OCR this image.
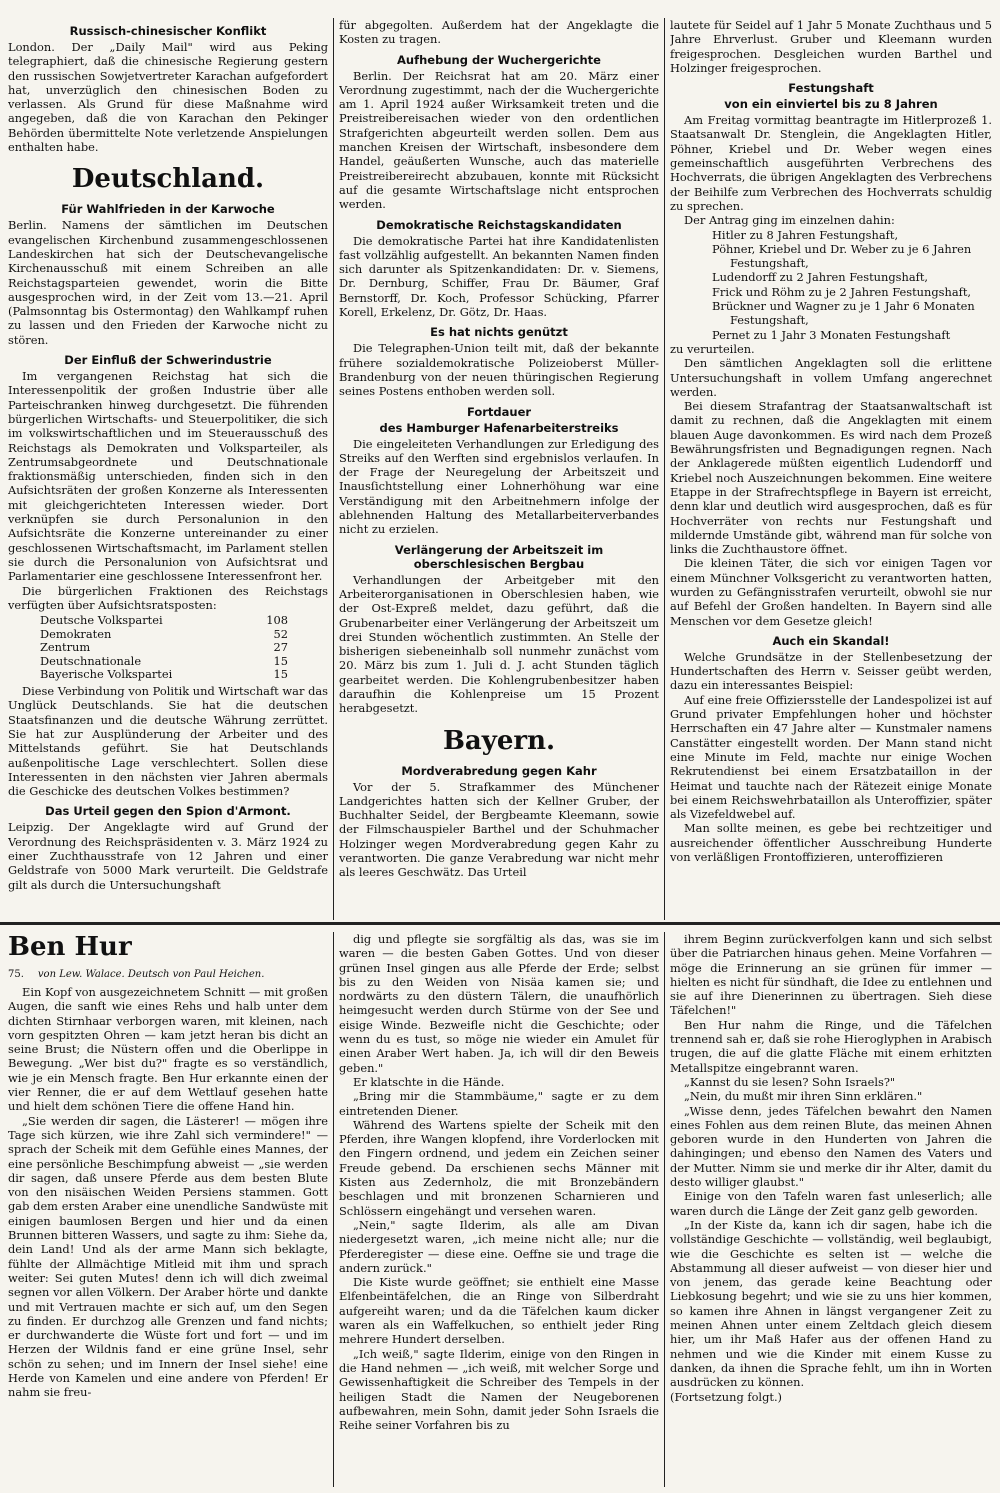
Russisch-chinesischer Konflikt

London. Der „Daily Mail" wird aus Peking telegraphiert, daß die chinesische Regierung gestern den russischen Sowjetvertreter Karachan aufgefordert hat, unverzüglich den chinesischen Boden zu verlassen. Als Grund für diese Maßnahme wird angegeben, daß die von Karachan den Pekinger Behörden übermittelte Note verletzende Anspielungen enthalten habe.

Deutschland.
Für Wahlfrieden in der Karwoche

Berlin. Namens der sämtlichen im Deutschen evangelischen Kirchenbund zusammengeschlossenen Landeskirchen hat sich der Deutschevangelische Kirchenausschuß mit einem Schreiben an alle Reichstagsparteien gewendet, worin die Bitte ausgesprochen wird, in der Zeit vom 13.—21. April (Palmsonntag bis Ostermontag) den Wahlkampf ruhen zu lassen und den Frieden der Karwoche nicht zu stören.

Der Einfluß der Schwerindustrie

Im vergangenen Reichstag hat sich die Interessenpolitik der großen Industrie über alle Parteischranken hinweg durchgesetzt. Die führenden bürgerlichen Wirtschafts- und Steuerpolitiker, die sich im volkswirtschaftlichen und im Steuerausschuß des Reichstags als Demokraten und Volksparteiler, als Zentrumsabgeordnete und Deutschnationale fraktionsmäßig unterschieden, finden sich in den Aufsichtsräten der großen Konzerne als Interessenten mit gleichgerichteten Interessen wieder. Dort verknüpfen sie durch Personalunion in den Aufsichtsräte die Konzerne untereinander zu einer geschlossenen Wirtschaftsmacht, im Parlament stellen sie durch die Personalunion von Aufsichtsrat und Parlamentarier eine geschlossene Interessenfront her.

Die bürgerlichen Fraktionen des Reichstags verfügten über Aufsichtsratsposten:

Deutsche Volkspartei	108
Demokraten	52
Zentrum	27
Deutschnationale	15
Bayerische Volkspartei	15

Diese Verbindung von Politik und Wirtschaft war das Unglück Deutschlands. Sie hat die deutschen Staatsfinanzen und die deutsche Währung zerrüttet. Sie hat zur Ausplünderung der Arbeiter und des Mittelstands geführt. Sie hat Deutschlands außenpolitische Lage verschlechtert. Sollen diese Interessenten in den nächsten vier Jahren abermals die Geschicke des deutschen Volkes bestimmen?

Das Urteil gegen den Spion d'Armont.

Leipzig. Der Angeklagte wird auf Grund der Verordnung des Reichspräsidenten v. 3. März 1924 zu einer Zuchthausstrafe von 12 Jahren und einer Geldstrafe von 5000 Mark verurteilt. Die Geldstrafe gilt als durch die Untersuchungshaft

für abgegolten. Außerdem hat der Angeklagte die Kosten zu tragen.

Aufhebung der Wuchergerichte

Berlin. Der Reichsrat hat am 20. März einer Verordnung zugestimmt, nach der die Wuchergerichte am 1. April 1924 außer Wirksamkeit treten und die Preistreibereisachen wieder von den ordentlichen Strafgerichten abgeurteilt werden sollen. Dem aus manchen Kreisen der Wirtschaft, insbesondere dem Handel, geäußerten Wunsche, auch das materielle Preistreibereirecht abzubauen, konnte mit Rücksicht auf die gesamte Wirtschaftslage nicht entsprochen werden.

Demokratische Reichstagskandidaten

Die demokratische Partei hat ihre Kandidatenlisten fast vollzählig aufgestellt. An bekannten Namen finden sich darunter als Spitzenkandidaten: Dr. v. Siemens, Dr. Dernburg, Schiffer, Frau Dr. Bäumer, Graf Bernstorff, Dr. Koch, Professor Schücking, Pfarrer Korell, Erkelenz, Dr. Götz, Dr. Haas.

Es hat nichts genützt

Die Telegraphen-Union teilt mit, daß der bekannte frühere sozialdemokratische Polizeioberst Müller-Brandenburg von der neuen thüringischen Regierung seines Postens enthoben werden soll.

Fortdauer
des Hamburger Hafenarbeiterstreiks

Die eingeleiteten Verhandlungen zur Erledigung des Streiks auf den Werften sind ergebnislos verlaufen. In der Frage der Neuregelung der Arbeitszeit und Inausſichtstellung einer Lohnerhöhung war eine Verständigung mit den Arbeitnehmern infolge der ablehnenden Haltung des Metallarbeiterverbandes nicht zu erzielen.

Verlängerung der Arbeitszeit im oberschlesischen Bergbau

Verhandlungen der Arbeitgeber mit den Arbeiterorganisationen in Oberschlesien haben, wie der Ost-Expreß meldet, dazu geführt, daß die Grubenarbeiter einer Verlängerung der Arbeitszeit um drei Stunden wöchentlich zustimmten. An Stelle der bisherigen siebeneinhalb soll nunmehr zunächst vom 20. März bis zum 1. Juli d. J. acht Stunden täglich gearbeitet werden. Die Kohlengrubenbesitzer haben daraufhin die Kohlenpreise um 15 Prozent herabgesetzt.

Bayern.
Mordverabredung gegen Kahr

Vor der 5. Strafkammer des Münchener Landgerichtes hatten sich der Kellner Gruber, der Buchhalter Seidel, der Bergbeamte Kleemann, sowie der Filmschauspieler Barthel und der Schuhmacher Holzinger wegen Mordverabredung gegen Kahr zu verantworten. Die ganze Verabredung war nicht mehr als leeres Geschwätz. Das Urteil

lautete für Seidel auf 1 Jahr 5 Monate Zuchthaus und 5 Jahre Ehrverlust. Gruber und Kleemann wurden freigesprochen. Desgleichen wurden Barthel und Holzinger freigesprochen.

Festungshaft
von ein einviertel bis zu 8 Jahren

Am Freitag vormittag beantragte im Hitlerprozeß 1. Staatsanwalt Dr. Stenglein, die Angeklagten Hitler, Pöhner, Kriebel und Dr. Weber wegen eines gemeinschaftlich ausgeführten Verbrechens des Hochverrats, die übrigen Angeklagten des Verbrechens der Beihilfe zum Verbrechen des Hochverrats schuldig zu sprechen.

Der Antrag ging im einzelnen dahin:

Hitler zu 8 Jahren Festungshaft,

Pöhner, Kriebel und Dr. Weber zu je 6 Jahren Festungshaft,

Ludendorff zu 2 Jahren Festungshaft,

Frick und Röhm zu je 2 Jahren Festungshaft,

Brückner und Wagner zu je 1 Jahr 6 Monaten Festungshaft,

Pernet zu 1 Jahr 3 Monaten Festungshaft

zu verurteilen.

Den sämtlichen Angeklagten soll die erlittene Untersuchungshaft in vollem Umfang angerechnet werden.

Bei diesem Strafantrag der Staatsanwaltschaft ist damit zu rechnen, daß die Angeklagten mit einem blauen Auge davonkommen. Es wird nach dem Prozeß Bewährungsfristen und Begnadigungen regnen. Nach der Anklagerede müßten eigentlich Ludendorff und Kriebel noch Auszeichnungen bekommen. Eine weitere Etappe in der Strafrechtspflege in Bayern ist erreicht, denn klar und deutlich wird ausgesprochen, daß es für Hochverräter von rechts nur Festungshaft und mildernde Umstände gibt, während man für solche von links die Zuchthaustore öffnet.

Die kleinen Täter, die sich vor einigen Tagen vor einem Münchner Volksgericht zu verantworten hatten, wurden zu Gefängnisstrafen verurteilt, obwohl sie nur auf Befehl der Großen handelten. In Bayern sind alle Menschen vor dem Gesetze gleich!

Auch ein Skandal!

Welche Grundsätze in der Stellenbesetzung der Hundertschaften des Herrn v. Seisser geübt werden, dazu ein interessantes Beispiel:

Auf eine freie Offiziersstelle der Landespolizei ist auf Grund privater Empfehlungen hoher und höchster Herrschaften ein 47 Jahre alter — Kunstmaler namens Canstätter eingestellt worden. Der Mann stand nicht eine Minute im Feld, machte nur einige Wochen Rekrutendienst bei einem Ersatzbataillon in der Heimat und tauchte nach der Rätezeit einige Monate bei einem Reichswehrbataillon als Unteroffizier, später als Vizefeldwebel auf.

Man sollte meinen, es gebe bei rechtzeitiger und ausreichender öffentlicher Ausschreibung Hunderte von verläßligen Frontoffizieren, unteroffizieren

Ben Hur
75. von Lew. Walace. Deutsch von Paul Heichen.

Ein Kopf von ausgezeichnetem Schnitt — mit großen Augen, die sanft wie eines Rehs und halb unter dem dichten Stirnhaar verborgen waren, mit kleinen, nach vorn gespitzten Ohren — kam jetzt heran bis dicht an seine Brust; die Nüstern offen und die Oberlippe in Bewegung. „Wer bist du?" fragte es so verständlich, wie je ein Mensch fragte. Ben Hur erkannte einen der vier Renner, die er auf dem Wettlauf gesehen hatte und hielt dem schönen Tiere die offene Hand hin.

„Sie werden dir sagen, die Lästerer! — mögen ihre Tage sich kürzen, wie ihre Zahl sich vermindere!" — sprach der Scheik mit dem Gefühle eines Mannes, der eine persönliche Beschimpfung abweist — „sie werden dir sagen, daß unsere Pferde aus dem besten Blute von den nisäischen Weiden Persiens stammen. Gott gab dem ersten Araber eine unendliche Sandwüste mit einigen baumlosen Bergen und hier und da einen Brunnen bitteren Wassers, und sagte zu ihm: Siehe da, dein Land! Und als der arme Mann sich beklagte, fühlte der Allmächtige Mitleid mit ihm und sprach weiter: Sei guten Mutes! denn ich will dich zweimal segnen vor allen Völkern. Der Araber hörte und dankte und mit Vertrauen machte er sich auf, um den Segen zu finden. Er durchzog alle Grenzen und fand nichts; er durchwanderte die Wüste fort und fort — und im Herzen der Wildnis fand er eine grüne Insel, sehr schön zu sehen; und im Innern der Insel siehe! eine Herde von Kamelen und eine andere von Pferden! Er nahm sie freu-

dig und pflegte sie sorgfältig als das, was sie im waren — die besten Gaben Gottes. Und von dieser grünen Insel gingen aus alle Pferde der Erde; selbst bis zu den Weiden von Nisäa kamen sie; und nordwärts zu den düstern Tälern, die unaufhörlich heimgesucht werden durch Stürme von der See und eisige Winde. Bezweifle nicht die Geschichte; oder wenn du es tust, so möge nie wieder ein Amulet für einen Araber Wert haben. Ja, ich will dir den Beweis geben."

Er klatschte in die Hände.

„Bring mir die Stammbäume," sagte er zu dem eintretenden Diener.

Während des Wartens spielte der Scheik mit den Pferden, ihre Wangen klopfend, ihre Vorderlocken mit den Fingern ordnend, und jedem ein Zeichen seiner Freude gebend. Da erschienen sechs Männer mit Kisten aus Zedernholz, die mit Bronzebändern beschlagen und mit bronzenen Scharnieren und Schlössern eingehängt und versehen waren.

„Nein," sagte Ilderim, als alle am Divan niedergesetzt waren, „ich meine nicht alle; nur die Pferderegister — diese eine. Oeffne sie und trage die andern zurück."

Die Kiste wurde geöffnet; sie enthielt eine Masse Elfenbeintäfelchen, die an Ringe von Silberdraht aufgereiht waren; und da die Täfelchen kaum dicker waren als ein Waffelkuchen, so enthielt jeder Ring mehrere Hundert derselben.

„Ich weiß," sagte Ilderim, einige von den Ringen in die Hand nehmen — „ich weiß, mit welcher Sorge und Gewissenhaftigkeit die Schreiber des Tempels in der heiligen Stadt die Namen der Neugeborenen aufbewahren, mein Sohn, damit jeder Sohn Israels die Reihe seiner Vorfahren bis zu

ihrem Beginn zurückverfolgen kann und sich selbst über die Patriarchen hinaus gehen. Meine Vorfahren — möge die Erinnerung an sie grünen für immer — hielten es nicht für sündhaft, die Idee zu entlehnen und sie auf ihre Dienerinnen zu übertragen. Sieh diese Täfelchen!"

Ben Hur nahm die Ringe, und die Täfelchen trennend sah er, daß sie rohe Hieroglyphen in Arabisch trugen, die auf die glatte Fläche mit einem erhitzten Metallspitze eingebrannt waren.

„Kannst du sie lesen? Sohn Israels?"

„Nein, du mußt mir ihren Sinn erklären."

„Wisse denn, jedes Täfelchen bewahrt den Namen eines Fohlen aus dem reinen Blute, das meinen Ahnen geboren wurde in den Hunderten von Jahren die dahingingen; und ebenso den Namen des Vaters und der Mutter. Nimm sie und merke dir ihr Alter, damit du desto williger glaubst."

Einige von den Tafeln waren fast unleserlich; alle waren durch die Länge der Zeit ganz gelb geworden.

„In der Kiste da, kann ich dir sagen, habe ich die vollständige Geschichte — vollständig, weil beglaubigt, wie die Geschichte es selten ist — welche die Abstammung all dieser aufweist — von dieser hier und von jenem, das gerade keine Beachtung oder Liebkosung begehrt; und wie sie zu uns hier kommen, so kamen ihre Ahnen in längst vergangener Zeit zu meinen Ahnen unter einem Zeltdach gleich diesem hier, um ihr Maß Hafer aus der offenen Hand zu nehmen und wie die Kinder mit einem Kusse zu danken, da ihnen die Sprache fehlt, um ihn in Worten ausdrücken zu können.

(Fortsetzung folgt.)
